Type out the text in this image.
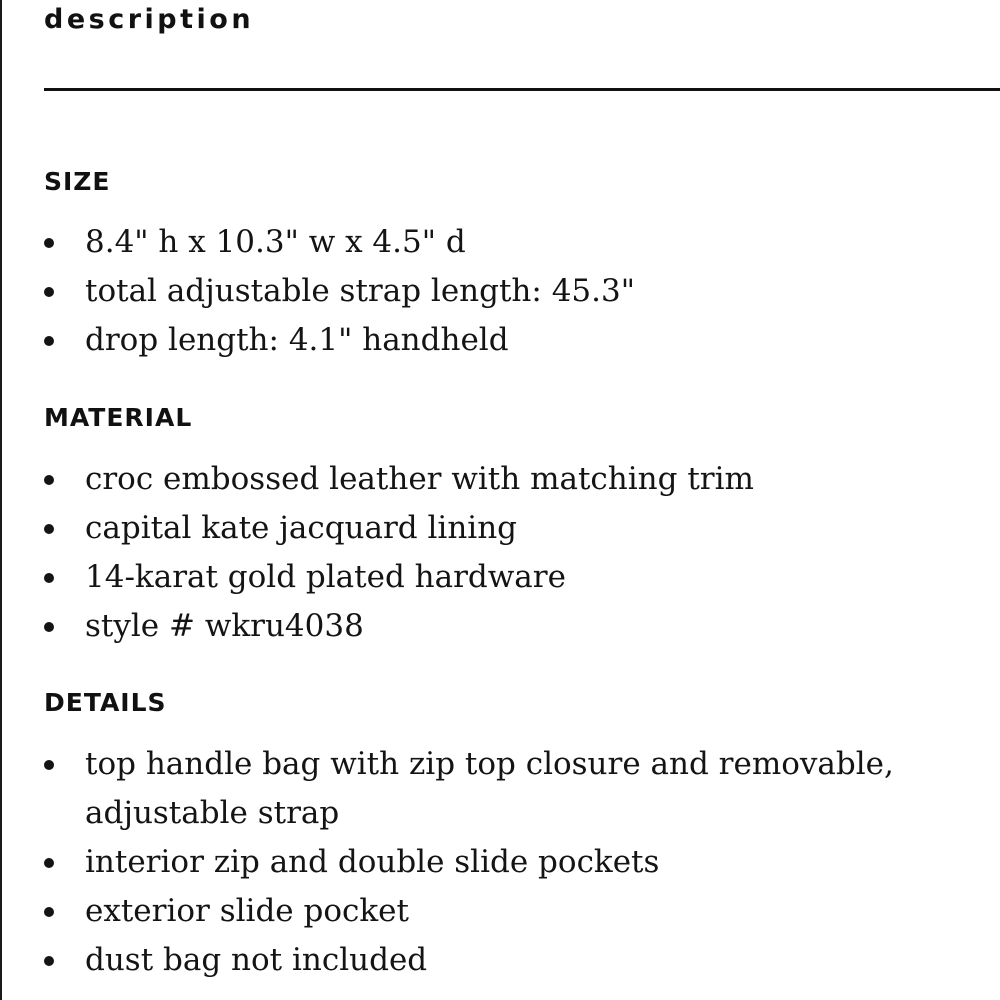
description
SIZE
8.4" h x 10.3" w x 4.5" d
total adjustable strap length: 45.3"
drop length: 4.1" handheld
MATERIAL
croc embossed leather with matching trim
capital kate jacquard lining
14-karat gold plated hardware
style # wkru4038
DETAILS
top handle bag with zip top closure and removable, adjustable strap
interior zip and double slide pockets
exterior slide pocket
dust bag not included
